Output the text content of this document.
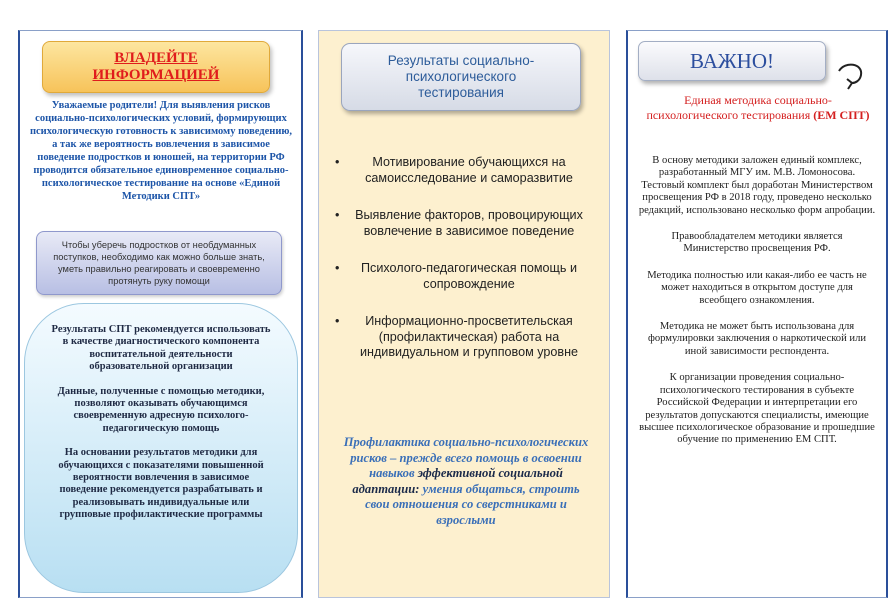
ВЛАДЕЙТЕ ИНФОРМАЦИЕЙ
Уважаемые родители! Для выявления рисков социально-психологических условий, формирующих психологическую готовность к зависимому поведению, а так же вероятность вовлечения в зависимое поведение подростков и юношей, на территории РФ проводится обязательное единовременное социально-психологическое тестирование на основе «Единой Методики СПТ»
Чтобы уберечь подростков от необдуманных поступков, необходимо как можно больше знать, уметь правильно реагировать и своевременно протянуть руку помощи

Результаты СПТ рекомендуется использовать в качестве диагностического компонента воспитательной деятельности образовательной организации

Данные, полученные с помощью методики, позволяют оказывать обучающимся своевременную адресную психолого-педагогическую помощь

На основании результатов методики для обучающихся с показателями повышенной вероятности вовлечения в зависимое поведение рекомендуется разрабатывать и реализовывать индивидуальные или групповые профилактические программы

Результаты социально-психологического тестирования
• Мотивирование обучающихся на самоисследование и саморазвитие
• Выявление факторов, провоцирующих вовлечение в зависимое поведение
• Психолого-педагогическая помощь и сопровождение
• Информационно-просветительская (профилактическая) работа на индивидуальном и групповом уровне
Профилактика социально-психологических рисков – прежде всего помощь в освоении навыков эффективной социальной адаптации: умения общаться, строить свои отношения со сверстниками и взрослыми
ВАЖНО!
Единая методика социально-психологического тестирования (ЕМ СПТ)

В основу методики заложен единый комплекс, разработанный МГУ им. М.В. Ломоносова. Тестовый комплект был доработан Министерством просвещения РФ в 2018 году, проведено несколько редакций, использовано несколько форм апробации.

Правообладателем методики является Министерство просвещения РФ.

Методика полностью или какая-либо ее часть не может находиться в открытом доступе для всеобщего ознакомления.

Методика не может быть использована для формулировки заключения о наркотической или иной зависимости респондента.

К организации проведения социально-психологического тестирования в субъекте Российской Федерации и интерпретации его результатов допускаются специалисты, имеющие высшее психологическое образование и прошедшие обучение по применению ЕМ СПТ.
